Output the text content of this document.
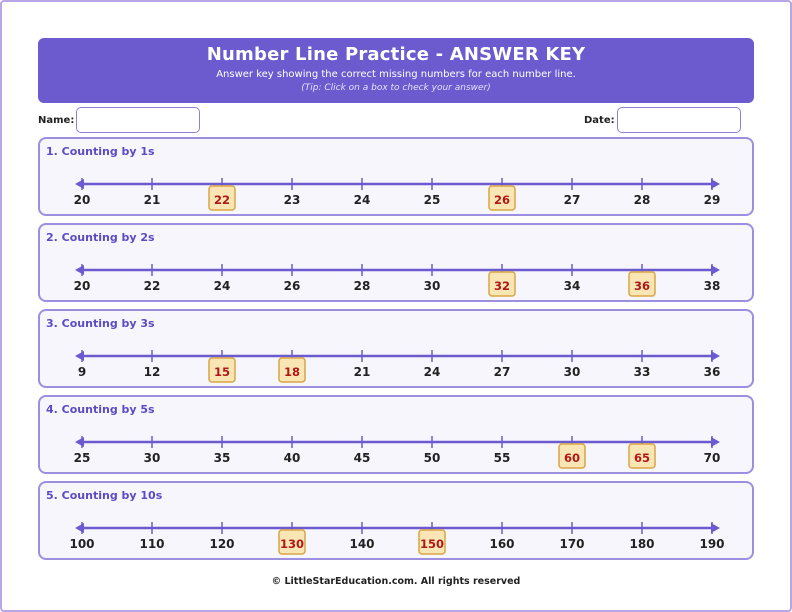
Number Line Practice - ANSWER KEY
Answer key showing the correct missing numbers for each number line.
(Tip: Click on a box to check your answer)
Name:	Date:
1. Counting by 1s
20	21	22	23	24	25	26	27	28	29
2. Counting by 2s
20	22	24	26	28	30	32	34	36	38
3. Counting by 3s
9	12	15	18	21	24	27	30	33	36
4. Counting by 5s
25	30	35	40	45	50	55	60	65	70
5. Counting by 10s
100	110	120	130	140	150	160	170	180	190
© LittleStarEducation.com. All rights reserved
